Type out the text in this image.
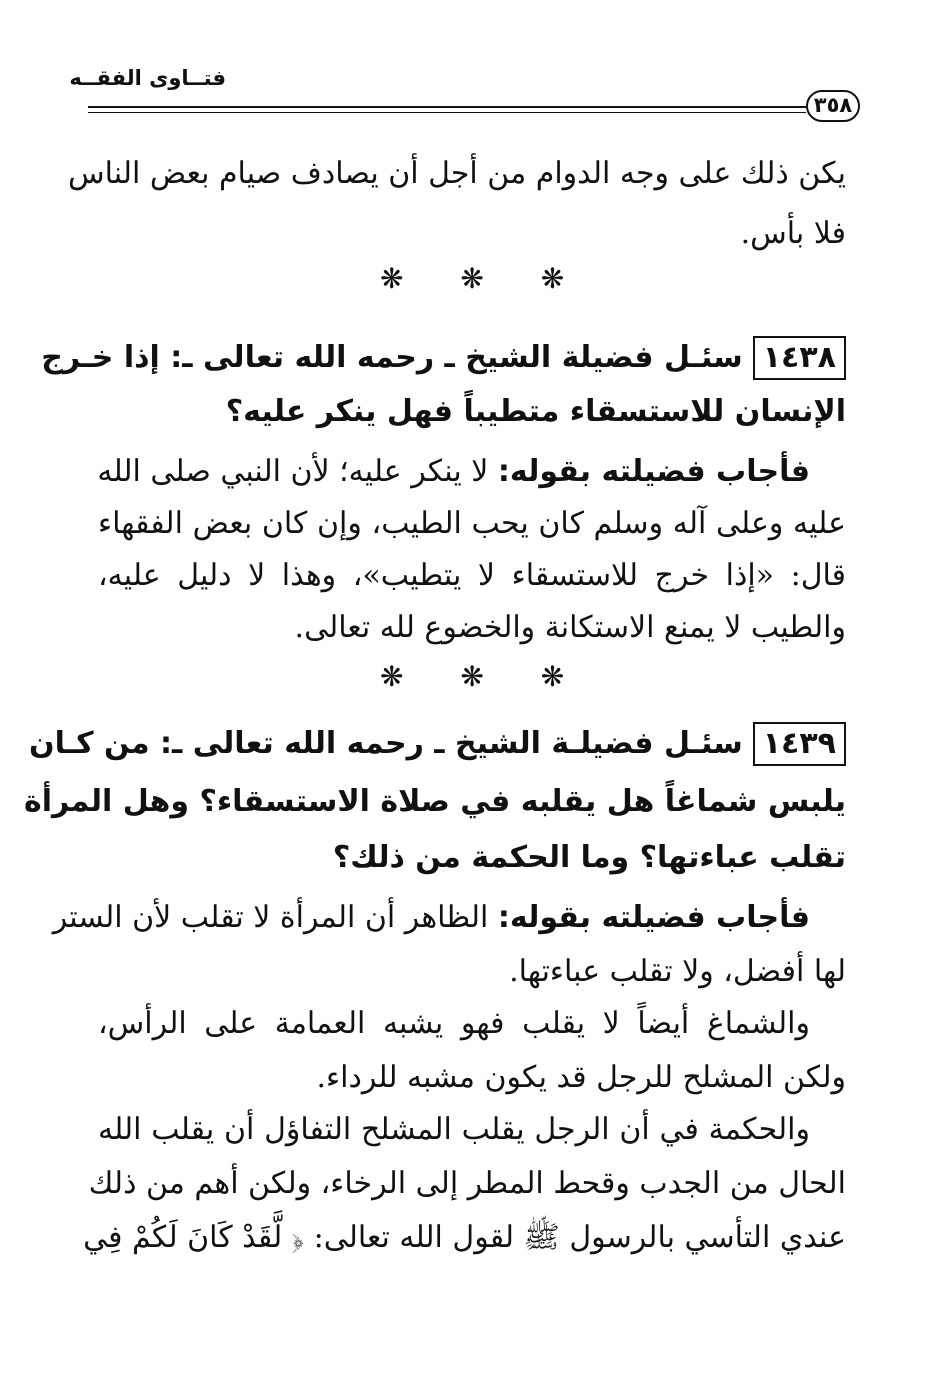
فتــاوى الفقــه
٣٥٨
يكن ذلك على وجه الدوام من أجل أن يصادف صيام بعض الناس
فلا بأس.
❋ ❋ ❋
١٤٣٨سئـل فضيلة الشيخ ـ رحمه الله تعالى ـ: إذا خـرج
الإنسان للاستسقاء متطيباً فهل ينكر عليه؟
فأجاب فضيلته بقوله: لا ينكر عليه؛ لأن النبي صلى الله
عليه وعلى آله وسلم كان يحب الطيب، وإن كان بعض الفقهاء
قال: «إذا خرج للاستسقاء لا يتطيب»، وهذا لا دليل عليه،
والطيب لا يمنع الاستكانة والخضوع لله تعالى.
❋ ❋ ❋
١٤٣٩سئـل فضيلـة الشيخ ـ رحمه الله تعالى ـ: من كـان
يلبس شماغاً هل يقلبه في صلاة الاستسقاء؟ وهل المرأة
تقلب عباءتها؟ وما الحكمة من ذلك؟
فأجاب فضيلته بقوله: الظاهر أن المرأة لا تقلب لأن الستر
لها أفضل، ولا تقلب عباءتها.
والشماغ أيضاً لا يقلب فهو يشبه العمامة على الرأس،
ولكن المشلح للرجل قد يكون مشبه للرداء.
والحكمة في أن الرجل يقلب المشلح التفاؤل أن يقلب الله
الحال من الجدب وقحط المطر إلى الرخاء، ولكن أهم من ذلك
عندي التأسي بالرسول ﷺ لقول الله تعالى: ﴿ لَّقَدْ كَانَ لَكُمْ فِي
